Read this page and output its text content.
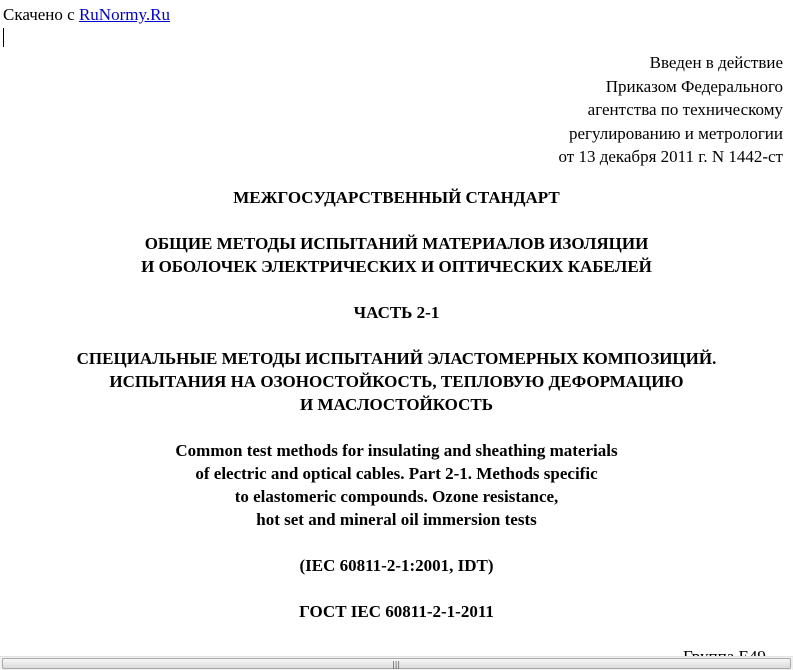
Скачено с RuNormy.Ru
Введен в действие
Приказом Федерального
агентства по техническому
регулированию и метрологии
от 13 декабря 2011 г. N 1442-ст
МЕЖГОСУДАРСТВЕННЫЙ СТАНДАРТ
ОБЩИЕ МЕТОДЫ ИСПЫТАНИЙ МАТЕРИАЛОВ ИЗОЛЯЦИИ
И ОБОЛОЧЕК ЭЛЕКТРИЧЕСКИХ И ОПТИЧЕСКИХ КАБЕЛЕЙ
ЧАСТЬ 2-1
СПЕЦИАЛЬНЫЕ МЕТОДЫ ИСПЫТАНИЙ ЭЛАСТОМЕРНЫХ КОМПОЗИЦИЙ.
ИСПЫТАНИЯ НА ОЗОНОСТОЙКОСТЬ, ТЕПЛОВУЮ ДЕФОРМАЦИЮ
И МАСЛОСТОЙКОСТЬ
Common test methods for insulating and sheathing materials
of electric and optical cables. Part 2-1. Methods specific
to elastomeric compounds. Ozone resistance,
hot set and mineral oil immersion tests
(IEC 60811-2-1:2001, IDT)
ГОСТ IEC 60811-2-1-2011
|||
